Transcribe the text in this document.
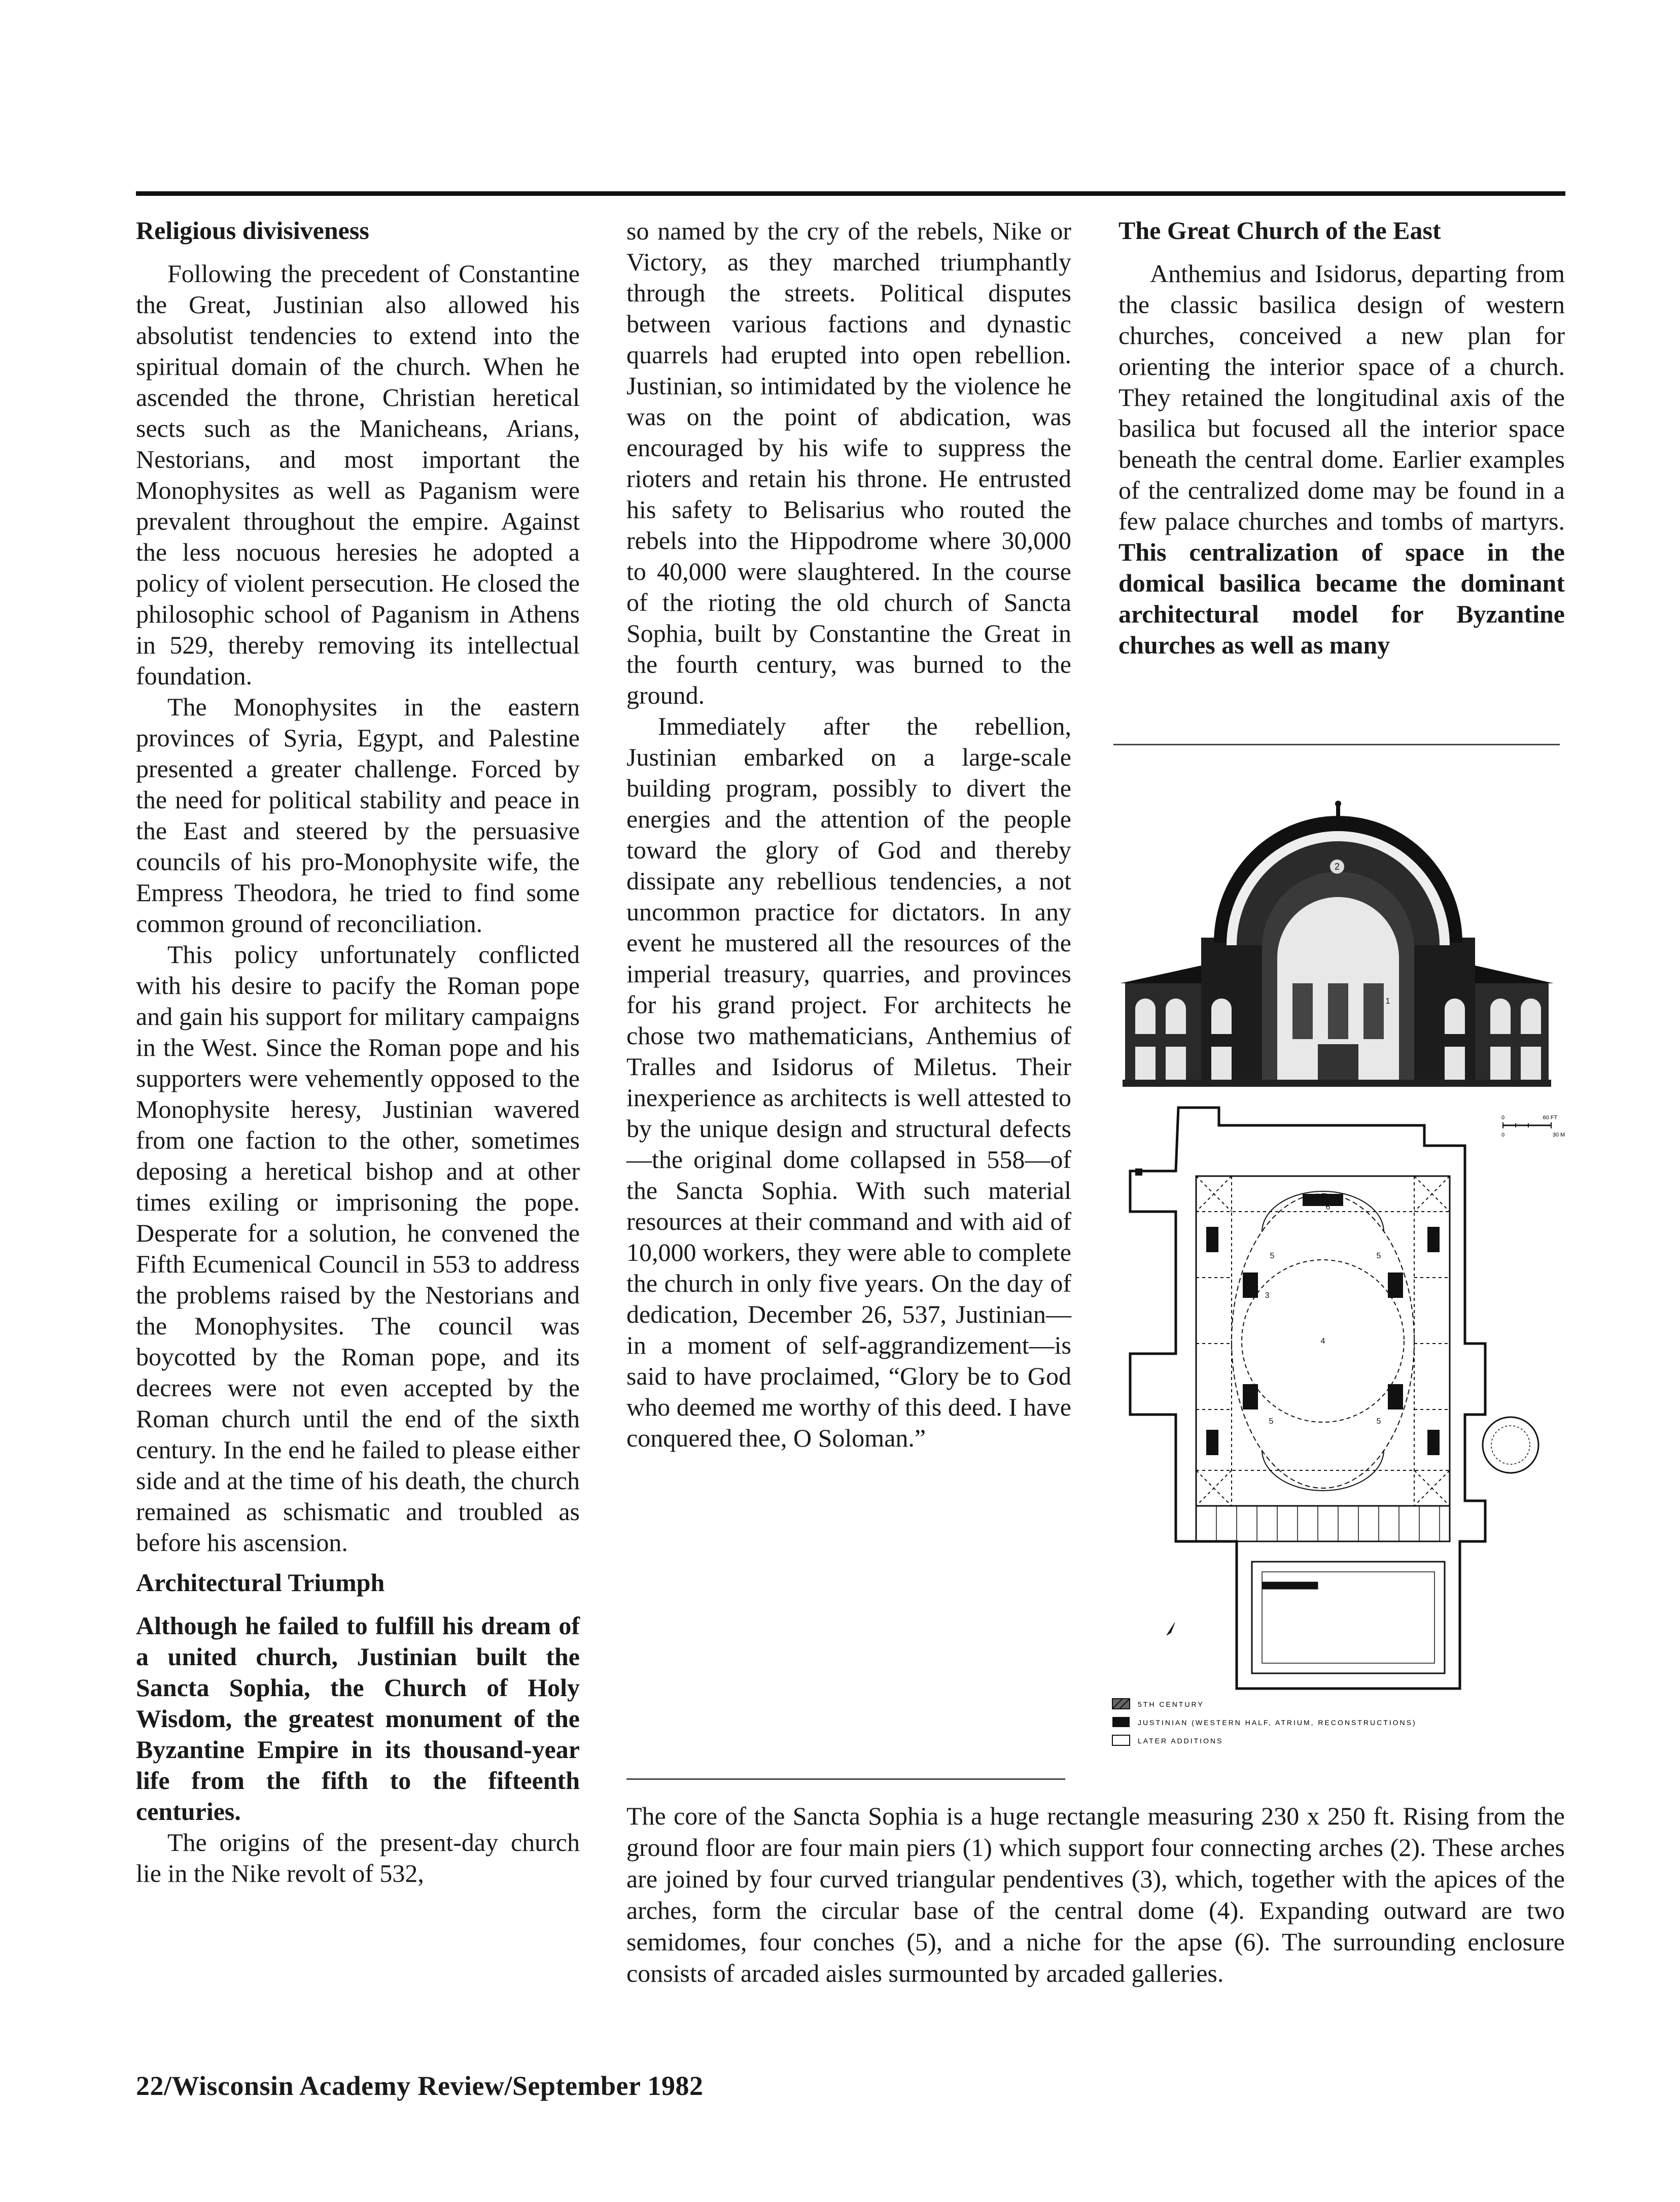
Religious divisiveness

Following the precedent of Constantine the Great, Justinian also allowed his absolutist tendencies to extend into the spiritual domain of the church. When he ascended the throne, Christian heretical sects such as the Manicheans, Arians, Nestorians, and most important the Monophysites as well as Paganism were prevalent throughout the empire. Against the less nocuous heresies he adopted a policy of violent persecution. He closed the philosophic school of Paganism in Athens in 529, thereby removing its intellectual foundation.

The Monophysites in the eastern provinces of Syria, Egypt, and Palestine presented a greater challenge. Forced by the need for political stability and peace in the East and steered by the persuasive councils of his pro-Monophysite wife, the Empress Theodora, he tried to find some common ground of reconciliation.

This policy unfortunately conflicted with his desire to pacify the Roman pope and gain his support for military campaigns in the West. Since the Roman pope and his supporters were vehemently opposed to the Monophysite heresy, Justinian wavered from one faction to the other, sometimes deposing a heretical bishop and at other times exiling or imprisoning the pope. Desperate for a solution, he convened the Fifth Ecumenical Council in 553 to address the problems raised by the Nestorians and the Monophysites. The council was boycotted by the Roman pope, and its decrees were not even accepted by the Roman church until the end of the sixth century. In the end he failed to please either side and at the time of his death, the church remained as schismatic and troubled as before his ascension.

Architectural Triumph

Although he failed to fulfill his dream of a united church, Justinian built the Sancta Sophia, the Church of Holy Wisdom, the greatest monument of the Byzantine Empire in its thousand-year life from the fifth to the fifteenth centuries.

The origins of the present-day church lie in the Nike revolt of 532,

so named by the cry of the rebels, Nike or Victory, as they marched triumphantly through the streets. Political disputes between various factions and dynastic quarrels had erupted into open rebellion. Justinian, so intimidated by the violence he was on the point of abdication, was encouraged by his wife to suppress the rioters and retain his throne. He entrusted his safety to Belisarius who routed the rebels into the Hippodrome where 30,000 to 40,000 were slaughtered. In the course of the rioting the old church of Sancta Sophia, built by Constantine the Great in the fourth century, was burned to the ground.

Immediately after the rebellion, Justinian embarked on a large-scale building program, possibly to divert the energies and the attention of the people toward the glory of God and thereby dissipate any rebellious tendencies, a not uncommon practice for dictators. In any event he mustered all the resources of the imperial treasury, quarries, and provinces for his grand project. For architects he chose two mathematicians, Anthemius of Tralles and Isidorus of Miletus. Their inexperience as architects is well attested to by the unique design and structural defects—the original dome collapsed in 558—of the Sancta Sophia. With such material resources at their command and with aid of 10,000 workers, they were able to complete the church in only five years. On the day of dedication, December 26, 537, Justinian—in a moment of self-aggrandizement—is said to have proclaimed, “Glory be to God who deemed me worthy of this deed. I have conquered thee, O Soloman.”

The Great Church of the East

Anthemius and Isidorus, departing from the classic basilica design of western churches, conceived a new plan for orienting the interior space of a church. They retained the longitudinal axis of the basilica but focused all the interior space beneath the central dome. Earlier examples of the centralized dome may be found in a few palace churches and tombs of martyrs. This centralization of space in the domical basilica became the dominant architectural model for Byzantine churches as well as many

2
1
0	60 FT
0	30 M
6
5	5
3
4
5	5
5TH CENTURY
JUSTINIAN (WESTERN HALF, ATRIUM, RECONSTRUCTIONS)
LATER ADDITIONS
The core of the Sancta Sophia is a huge rectangle measuring 230 x 250 ft. Rising from the ground floor are four main piers (1) which support four connecting arches (2). These arches are joined by four curved triangular pendentives (3), which, together with the apices of the arches, form the circular base of the central dome (4). Expanding outward are two semidomes, four conches (5), and a niche for the apse (6). The surrounding enclosure consists of arcaded aisles surmounted by arcaded galleries.
22/Wisconsin Academy Review/September 1982
